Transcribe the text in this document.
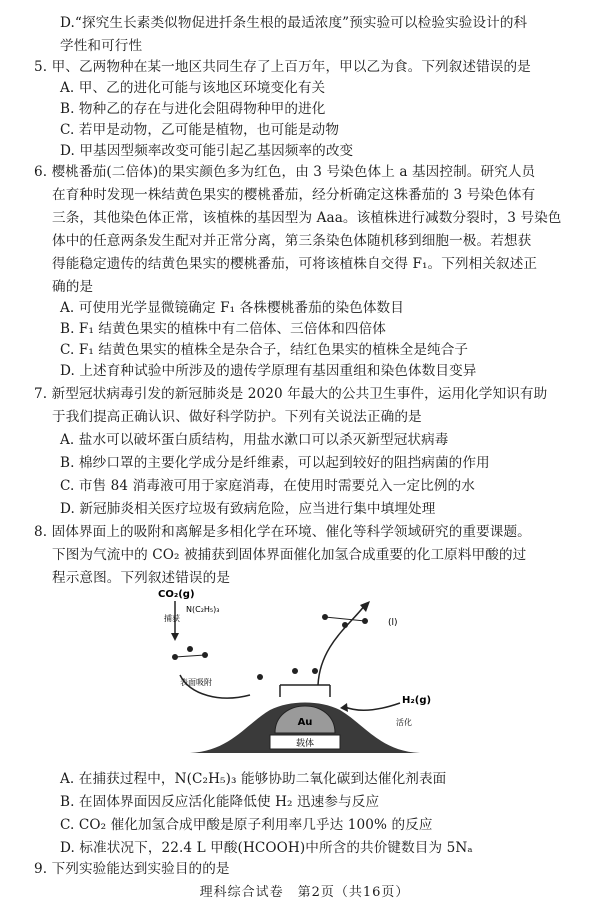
D.“探究生长素类似物促进扦条生根的最适浓度”预实验可以检验实验设计的科
学性和可行性
5. 甲、乙两物种在某一地区共同生存了上百万年，甲以乙为食。下列叙述错误的是
A. 甲、乙的进化可能与该地区环境变化有关
B. 物种乙的存在与进化会阻碍物种甲的进化
C. 若甲是动物，乙可能是植物，也可能是动物
D. 甲基因型频率改变可能引起乙基因频率的改变
6. 樱桃番茄(二倍体)的果实颜色多为红色，由 3 号染色体上 a 基因控制。研究人员
在育种时发现一株结黄色果实的樱桃番茄，经分析确定这株番茄的 3 号染色体有
三条，其他染色体正常，该植株的基因型为 Aaa。该植株进行减数分裂时，3 号染色
体中的任意两条发生配对并正常分离，第三条染色体随机移到细胞一极。若想获
得能稳定遗传的结黄色果实的樱桃番茄，可将该植株自交得 F₁。下列相关叙述正
确的是
A. 可使用光学显微镜确定 F₁ 各株樱桃番茄的染色体数目
B. F₁ 结黄色果实的植株中有二倍体、三倍体和四倍体
C. F₁ 结黄色果实的植株全是杂合子，结红色果实的植株全是纯合子
D. 上述育种试验中所涉及的遗传学原理有基因重组和染色体数目变异
7. 新型冠状病毒引发的新冠肺炎是 2020 年最大的公共卫生事件，运用化学知识有助
于我们提高正确认识、做好科学防护。下列有关说法正确的是
A. 盐水可以破坏蛋白质结构，用盐水漱口可以杀灭新型冠状病毒
B. 棉纱口罩的主要化学成分是纤维素，可以起到较好的阻挡病菌的作用
C. 市售 84 消毒液可用于家庭消毒，在使用时需要兑入一定比例的水
D. 新冠肺炎相关医疗垃圾有致病危险，应当进行集中填埋处理
8. 固体界面上的吸附和离解是多相化学在环境、催化等科学领域研究的重要课题。
下图为气流中的 CO₂ 被捕获到固体界面催化加氢合成重要的化工原料甲酸的过
程示意图。下列叙述错误的是
A. 在捕获过程中，N(C₂H₅)₃ 能够协助二氧化碳到达催化剂表面
B. 在固体界面因反应活化能降低使 H₂ 迅速参与反应
C. CO₂ 催化加氢合成甲酸是原子利用率几乎达 100% 的反应
D. 标准状况下，22.4 L 甲酸(HCOOH)中所含的共价键数目为 5Nₐ
9. 下列实验能达到实验目的的是
载体
Au
CO₂(g)
N(C₂H₅)₃
捕获
表面吸附
(l)
H₂(g)
活化
理科综合试卷　第2页（共16页）
